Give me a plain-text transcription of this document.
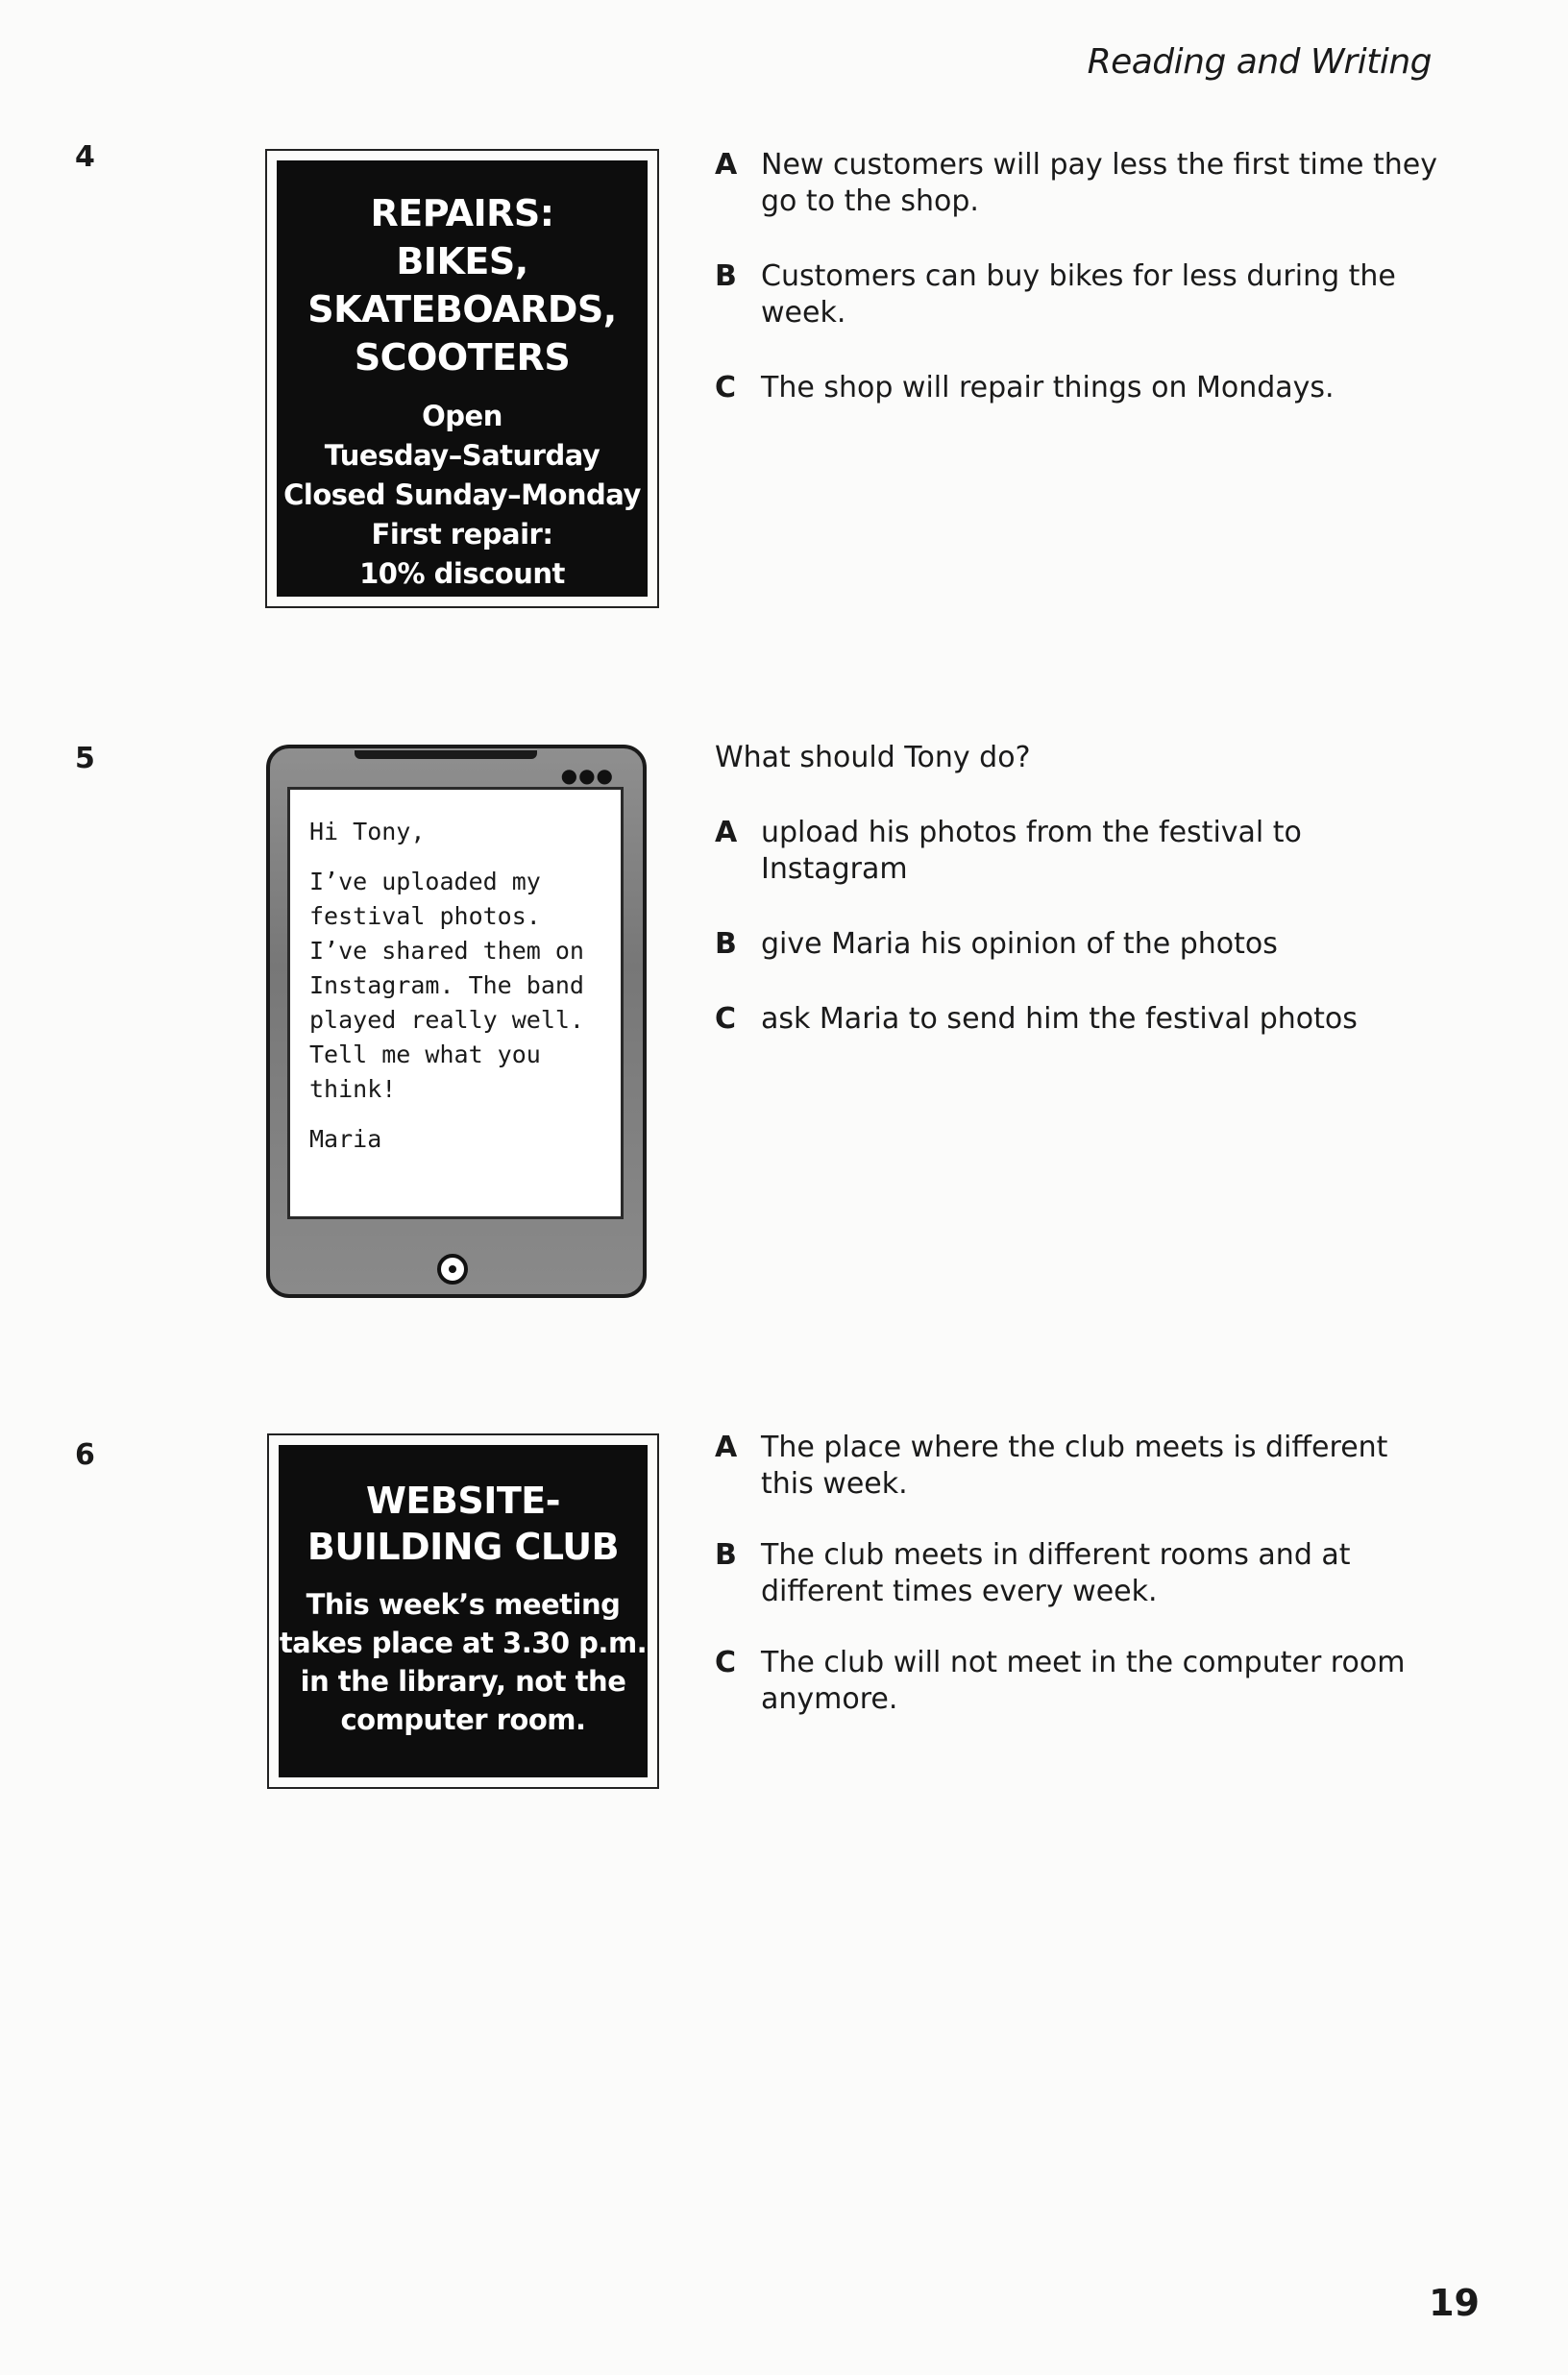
Reading and Writing
4
REPAIRS:
BIKES,
SKATEBOARDS,
SCOOTERS
Open
Tuesday–Saturday
Closed Sunday–Monday
First repair:
10% discount
A New customers will pay less the first time they go to the shop.
B Customers can buy bikes for less during the week.
C The shop will repair things on Mondays.
5	●●●

Hi Tony,

I’ve uploaded my festival photos. I’ve shared them on Instagram. The band played really well. Tell me what you think!

Maria

What should Tony do?
A upload his photos from the festival to Instagram
B give Maria his opinion of the photos
C ask Maria to send him the festival photos
6
WEBSITE-
BUILDING CLUB
This week’s meeting
takes place at 3.30 p.m.
in the library, not the
computer room.
A The place where the club meets is different this week.
B The club meets in different rooms and at different times every week.
C The club will not meet in the computer room anymore.
19
